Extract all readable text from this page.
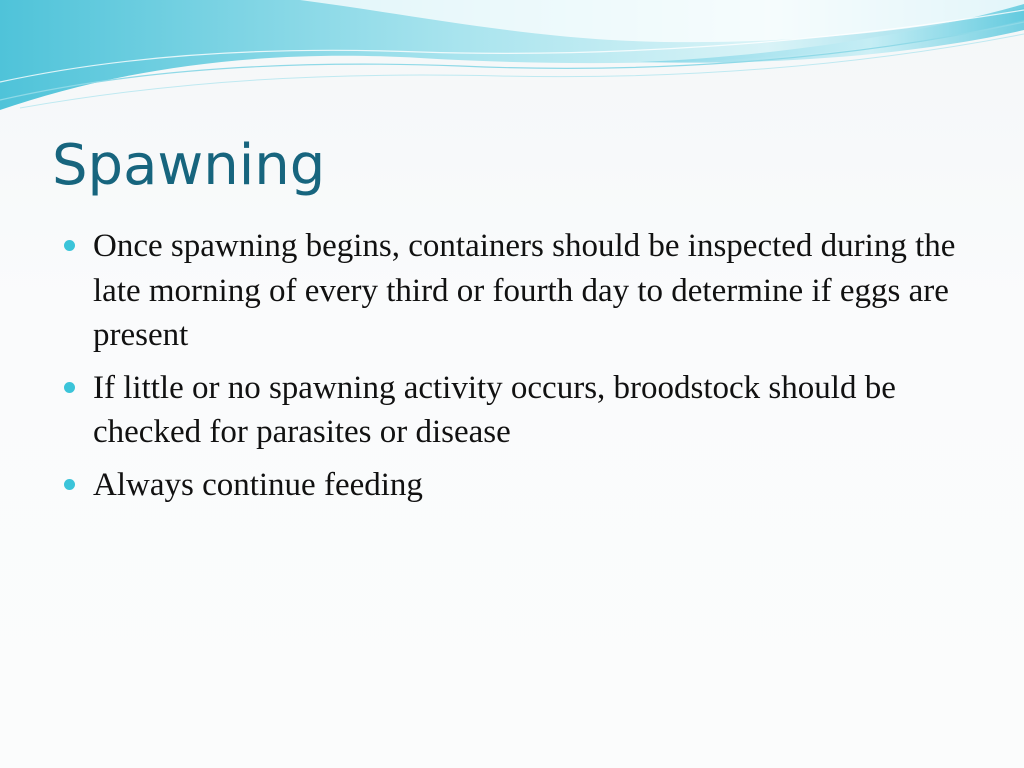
Spawning
Once spawning begins, containers should be inspected during the late morning of every third or fourth day to determine if eggs are present
If little or no spawning activity occurs, broodstock should be checked for parasites or disease
Always continue feeding
